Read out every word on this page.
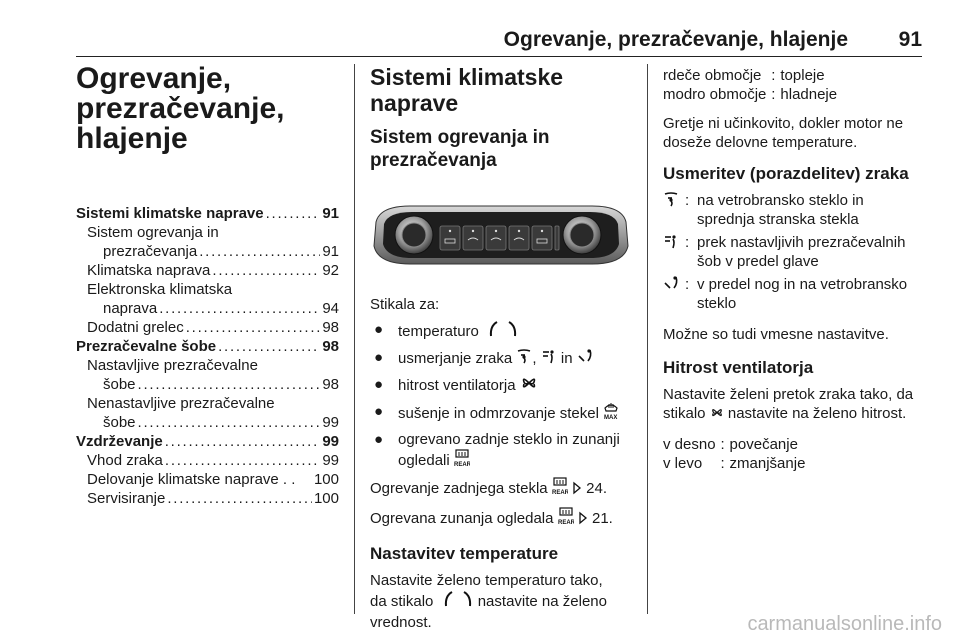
Ogrevanje, prezračevanje, hlajenje 91
Ogrevanje,
prezračevanje,
hlajenje
Sistemi klimatske naprave . . .	91
Sistem ogrevanja in
prezračevanja . . .	91
Klimatska naprava . . .	92
Elektronska klimatska
naprava . . .	94
Dodatni grelec . . .	98
Prezračevalne šobe . . .	98
Nastavljive prezračevalne
šobe . . .	98
Nenastavljive prezračevalne
šobe . . .	99
Vzdrževanje . . .	99
Vhod zraka . . .	99
Delovanje klimatske naprave . . 100
Servisiranje . . .	100
Sistemi klimatske
naprave
Sistem ogrevanja in
prezračevanja

Stikala za:

● temperaturo
● usmerjanje zraka , in
● hitrost ventilatorja
● sušenje in odmrzovanje stekel MAX
● ogrevano zadnje steklo in zunanji
ogledali REAR

Ogrevanje zadnjega stekla REAR 24.

Ogrevana zunanja ogledala REAR 21.

Nastavitev temperature

Nastavite želeno temperaturo tako,
da stikalo	nastavite na želeno
vrednost.

rdeče območje : topleje
modro območje : hladneje

Gretje ni učinkovito, dokler motor ne doseže delovne temperature.

Usmeritev (porazdelitev) zraka
: na vetrobransko steklo in
sprednja stranska stekla
: prek nastavljivih prezračevalnih
šob v predel glave
: v predel nog in na vetrobransko
steklo

Možne so tudi vmesne nastavitve.

Hitrost ventilatorja

Nastavite želeni pretok zraka tako, da
stikalo nastavite na želeno hitrost.

v desno : povečanje
v levo	: zmanjšanje
carmanualsonline.info
